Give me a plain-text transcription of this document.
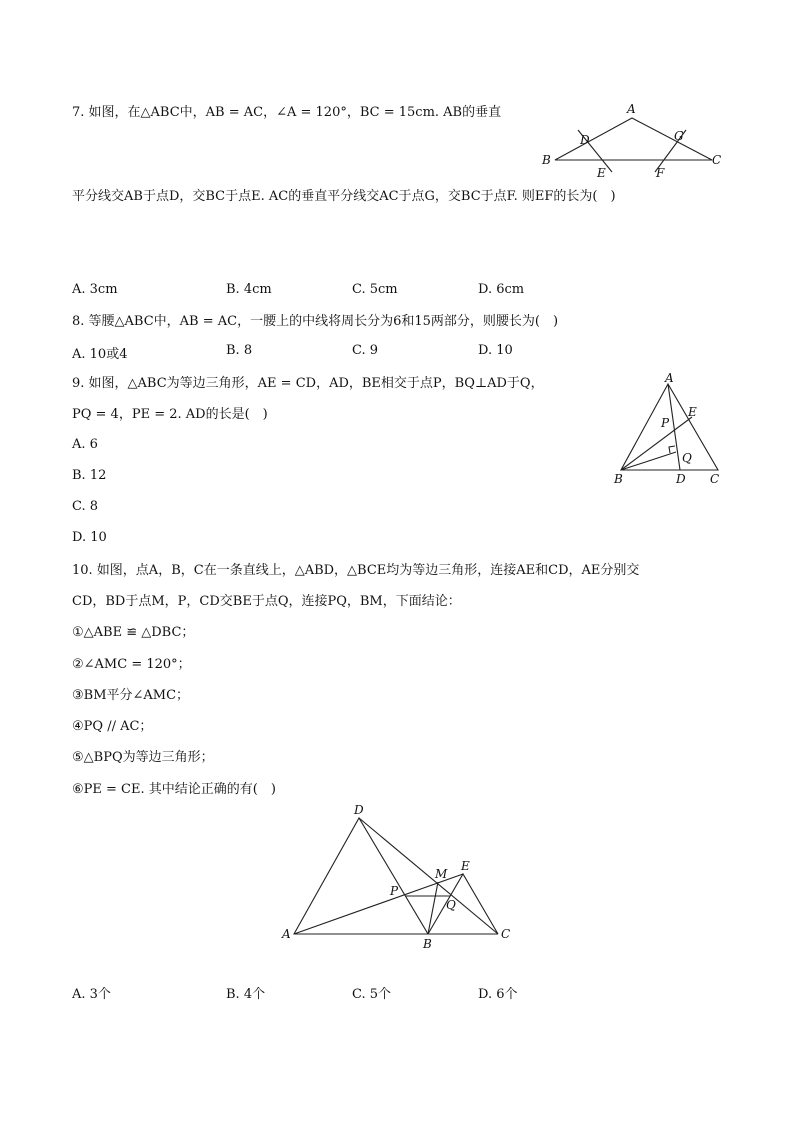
7. 如图，在△ABC中，AB = AC，∠A = 120°，BC = 15cm. AB的垂直	A
B	C
D
E	F
G
平分线交AB于点D，交BC于点E. AC的垂直平分线交AC于点G，交BC于点F. 则EF的长为(　)
A. 3cm	B. 4cm	C. 5cm	D. 6cm
8. 等腰△ABC中，AB = AC，一腰上的中线将周长分为6和15两部分，则腰长为(　)
A. 10或4	B. 8	C. 9	D. 10
9. 如图，△ABC为等边三角形，AE = CD，AD，BE相交于点P，BQ⊥AD于Q，
PQ = 4，PE = 2. AD的长是(　)
A
B	C
D
E
P
Q
A. 6
B. 12
C. 8
D. 10
10. 如图，点A，B，C在一条直线上，△ABD，△BCE均为等边三角形，连接AE和CD，AE分别交
CD，BD于点M，P，CD交BE于点Q，连接PQ，BM，下面结论：
①△ABE ≌ △DBC；
②∠AMC = 120°；
③BM平分∠AMC；
④PQ // AC；
⑤△BPQ为等边三角形；
⑥PE = CE. 其中结论正确的有(　)
D
A
B
C
E
M
P
Q
A. 3个	B. 4个	C. 5个	D. 6个
